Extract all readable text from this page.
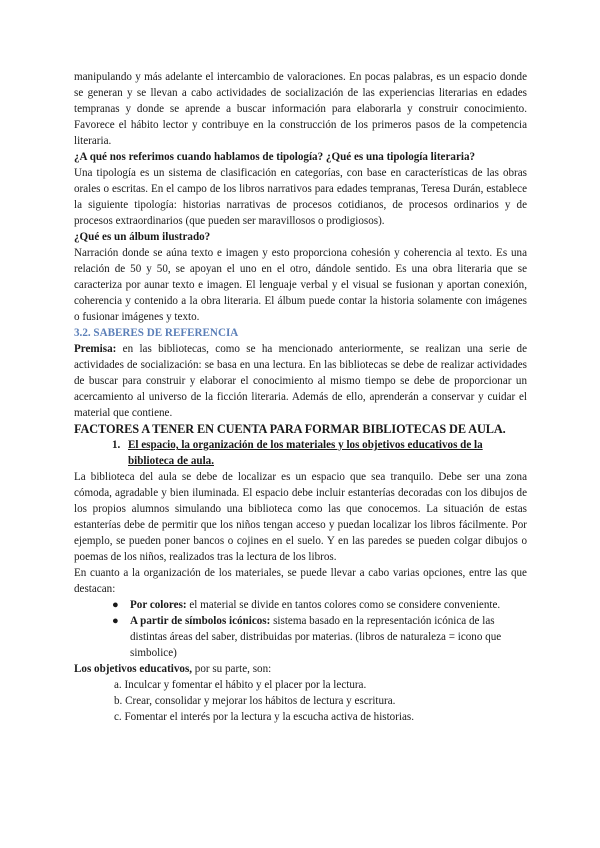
manipulando y más adelante el intercambio de valoraciones. En pocas palabras, es un espacio donde se generan y se llevan a cabo actividades de socialización de las experiencias literarias en edades tempranas y donde se aprende a buscar información para elaborarla y construir conocimiento. Favorece el hábito lector y contribuye en la construcción de los primeros pasos de la competencia literaria.

¿A qué nos referimos cuando hablamos de tipología? ¿Qué es una tipología literaria?

Una tipología es un sistema de clasificación en categorías, con base en características de las obras orales o escritas. En el campo de los libros narrativos para edades tempranas, Teresa Durán, establece la siguiente tipología: historias narrativas de procesos cotidianos, de procesos ordinarios y de procesos extraordinarios (que pueden ser maravillosos o prodigiosos).

¿Qué es un álbum ilustrado?

Narración donde se aúna texto e imagen y esto proporciona cohesión y coherencia al texto. Es una relación de 50 y 50, se apoyan el uno en el otro, dándole sentido. Es una obra literaria que se caracteriza por aunar texto e imagen. El lenguaje verbal y el visual se fusionan y aportan conexión, coherencia y contenido a la obra literaria. El álbum puede contar la historia solamente con imágenes o fusionar imágenes y texto.

3.2. SABERES DE REFERENCIA

Premisa: en las bibliotecas, como se ha mencionado anteriormente, se realizan una serie de actividades de socialización: se basa en una lectura. En las bibliotecas se debe de realizar actividades de buscar para construir y elaborar el conocimiento al mismo tiempo se debe de proporcionar un acercamiento al universo de la ficción literaria. Además de ello, aprenderán a conservar y cuidar el material que contiene.

FACTORES A TENER EN CUENTA PARA FORMAR BIBLIOTECAS DE AULA.

1. El espacio, la organización de los materiales y los objetivos educativos de la biblioteca de aula.

La biblioteca del aula se debe de localizar es un espacio que sea tranquilo. Debe ser una zona cómoda, agradable y bien iluminada. El espacio debe incluir estanterías decoradas con los dibujos de los propios alumnos simulando una biblioteca como las que conocemos. La situación de estas estanterías debe de permitir que los niños tengan acceso y puedan localizar los libros fácilmente. Por ejemplo, se pueden poner bancos o cojines en el suelo. Y en las paredes se pueden colgar dibujos o poemas de los niños, realizados tras la lectura de los libros.

En cuanto a la organización de los materiales, se puede llevar a cabo varias opciones, entre las que destacan:

●	Por colores: el material se divide en tantos colores como se considere conveniente.
●	A partir de símbolos icónicos: sistema basado en la representación icónica de las distintas áreas del saber, distribuidas por materias. (libros de naturaleza = icono que simbolice)

Los objetivos educativos, por su parte, son:

a. Inculcar y fomentar el hábito y el placer por la lectura.
b. Crear, consolidar y mejorar los hábitos de lectura y escritura.
c. Fomentar el interés por la lectura y la escucha activa de historias.
